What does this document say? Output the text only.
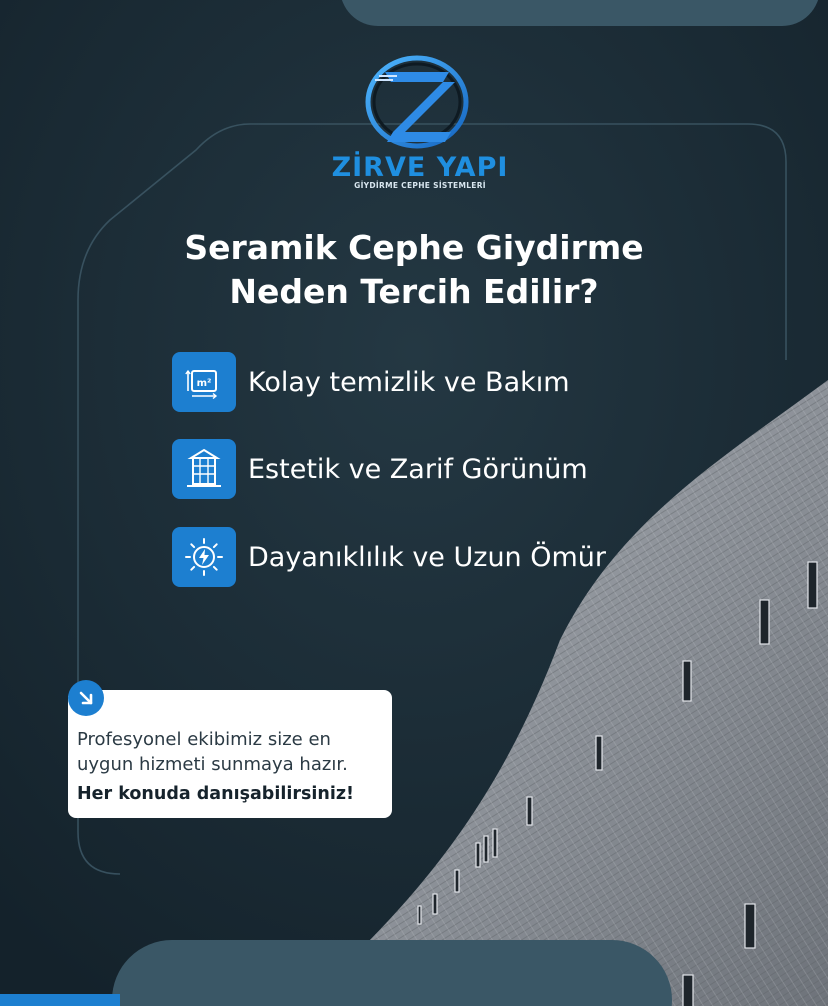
ZİRVE YAPI
GİYDİRME CEPHE SİSTEMLERİ
Seramik Cephe Giydirme
Neden Tercih Edilir?
m² Kolay temizlik ve Bakım
Estetik ve Zarif Görünüm
Dayanıklılık ve Uzun Ömür

Profesyonel ekibimiz size en uygun hizmeti sunmaya hazır.

Her konuda danışabilirsiniz!
